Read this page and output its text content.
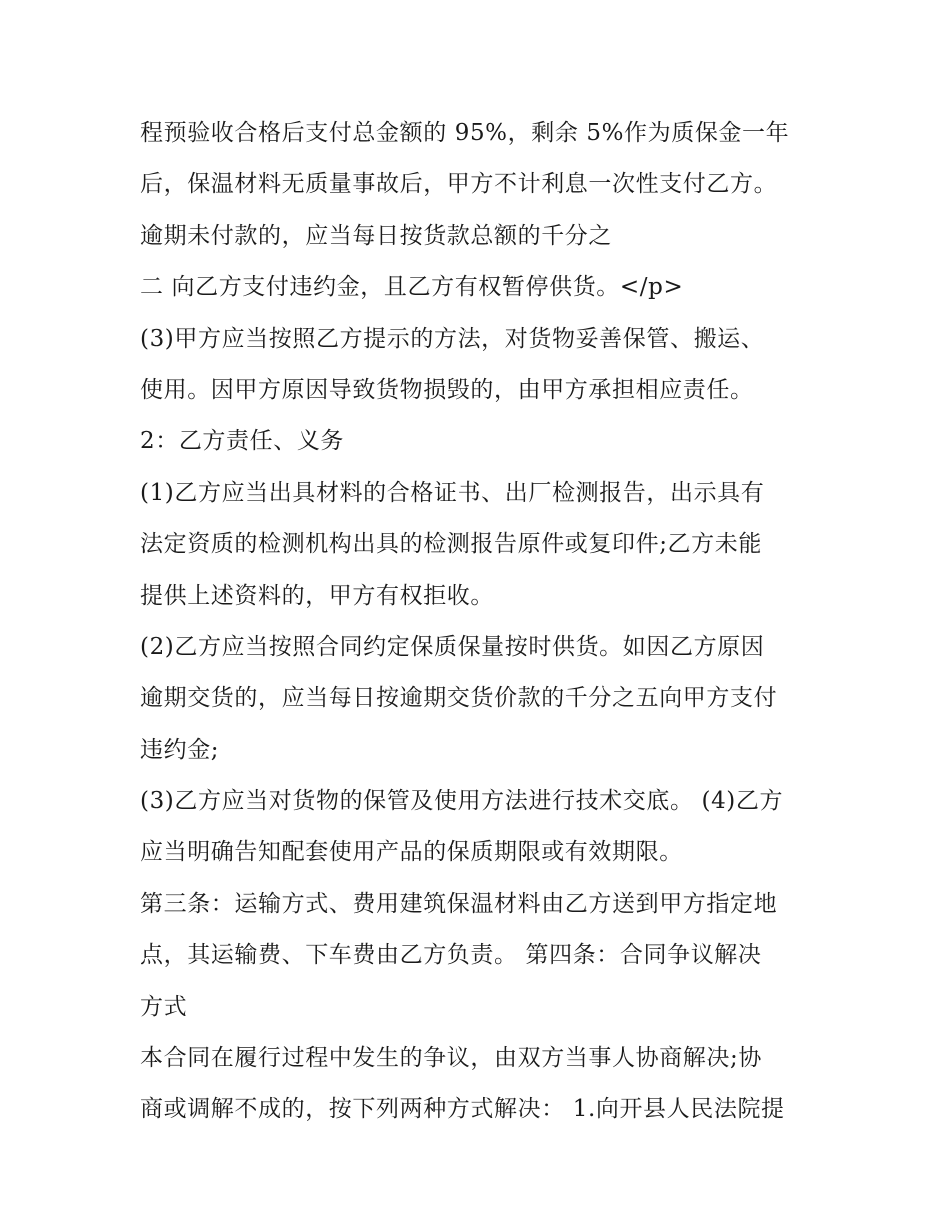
程预验收合格后支付总金额的 95%，剩余 5%作为质保金一年
后，保温材料无质量事故后，甲方不计利息一次性支付乙方。
逾期未付款的，应当每日按货款总额的千分之
二 向乙方支付违约金，且乙方有权暂停供货。</p>
(3)甲方应当按照乙方提示的方法，对货物妥善保管、搬运、
使用。因甲方原因导致货物损毁的，由甲方承担相应责任。
2：乙方责任、义务
(1)乙方应当出具材料的合格证书、出厂检测报告，出示具有
法定资质的检测机构出具的检测报告原件或复印件;乙方未能
提供上述资料的，甲方有权拒收。
(2)乙方应当按照合同约定保质保量按时供货。如因乙方原因
逾期交货的，应当每日按逾期交货价款的千分之五向甲方支付
违约金;
(3)乙方应当对货物的保管及使用方法进行技术交底。 (4)乙方
应当明确告知配套使用产品的保质期限或有效期限。
第三条：运输方式、费用建筑保温材料由乙方送到甲方指定地
点，其运输费、下车费由乙方负责。 第四条：合同争议解决
方式
本合同在履行过程中发生的争议，由双方当事人协商解决;协
商或调解不成的，按下列两种方式解决： 1.向开县人民法院提
